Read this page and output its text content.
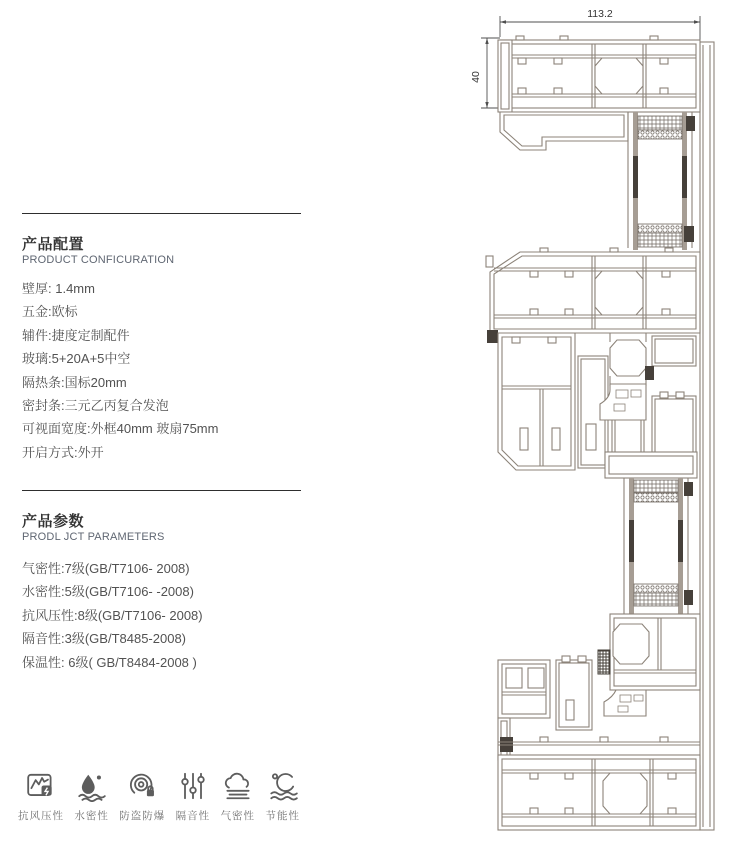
产品配置
PRODUCT CONFICURATION
壁厚: 1.4mm
五金:欧标
辅件:捷度定制配件
玻璃:5+20A+5中空
隔热条:国标20mm
密封条:三元乙丙复合发泡
可视面宽度:外框40mm 玻扇75mm
开启方式:外开
产品参数
PRODL JCT PARAMETERS
气密性:7级(GB/T7106- 2008)
水密性:5级(GB/T7106- -2008)
抗风压性:8级(GB/T7106- 2008)
隔音性:3级(GB/T8485-2008)
保温性: 6级( GB/T8484-2008 )
抗风压性 水密性 防盗防爆 隔音性 气密性 节能性
113.2
40
